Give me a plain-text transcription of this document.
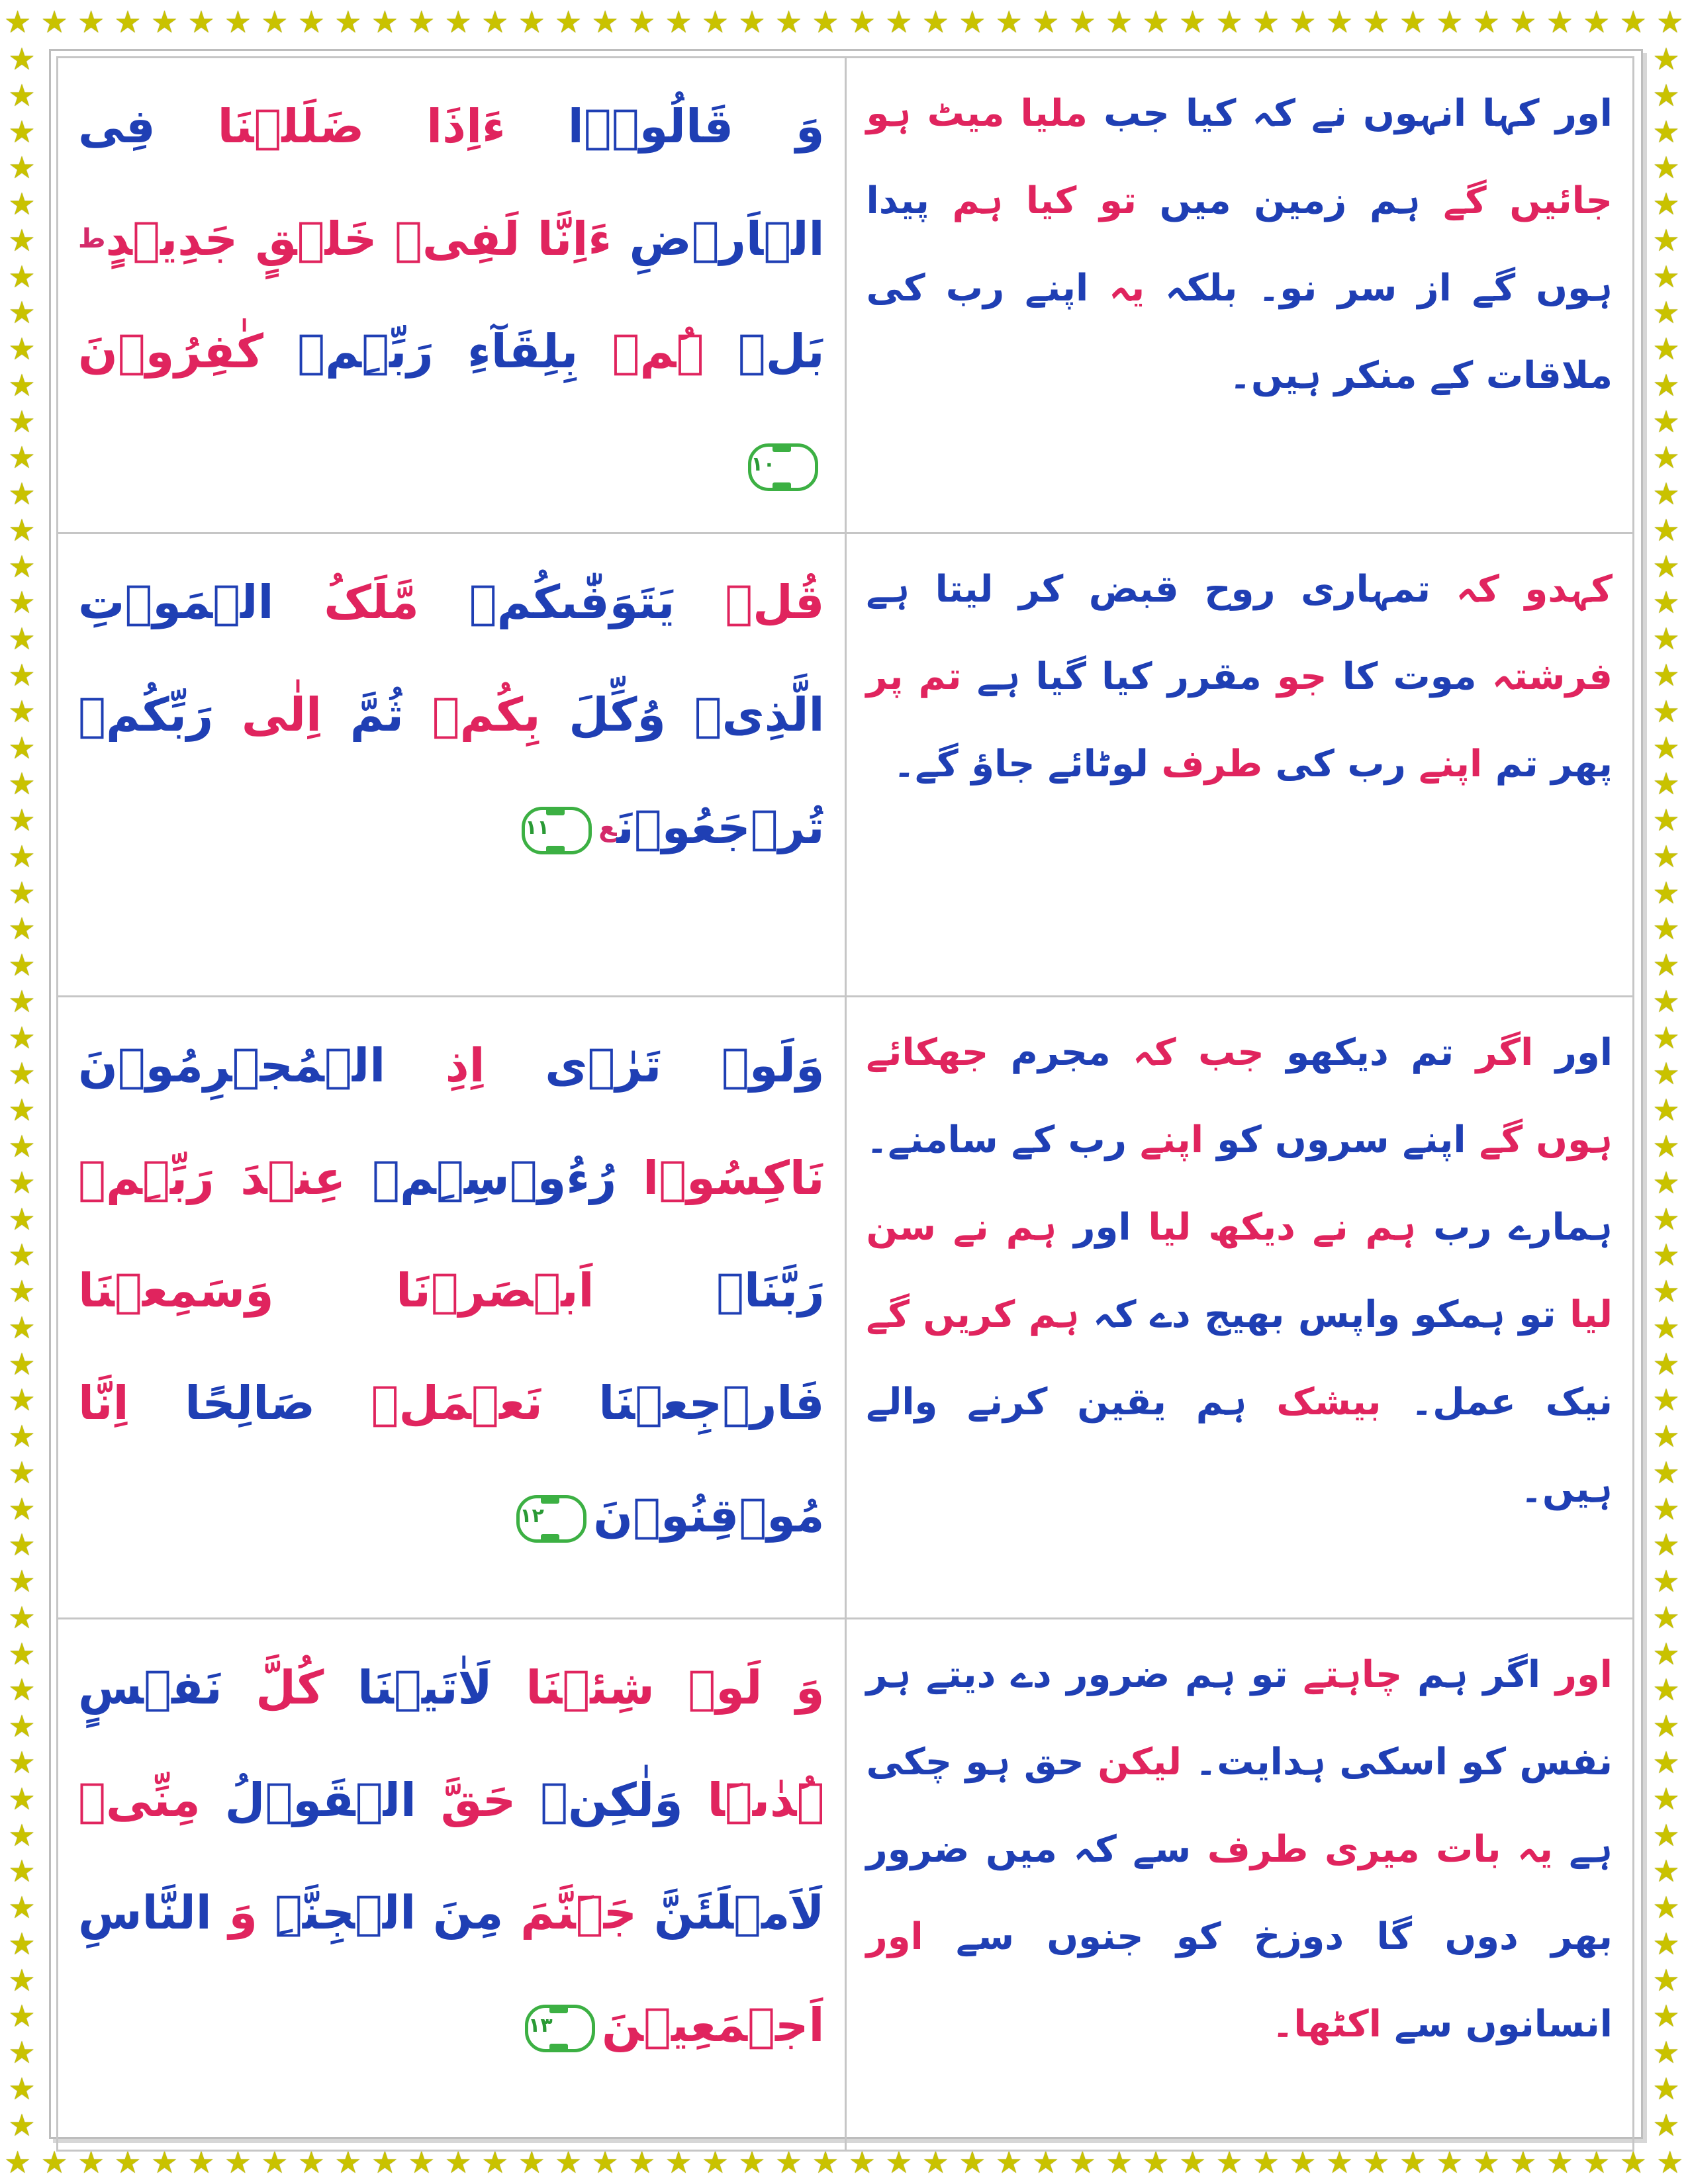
★ ★ ★ ★ ★ ★ ★ ★ ★ ★ ★ ★ ★ ★ ★ ★ ★ ★ ★ ★ ★ ★ ★ ★ ★ ★ ★ ★ ★ ★ ★ ★ ★ ★ ★ ★ ★ ★ ★ ★ ★ ★ ★ ★ ★ ★
★ ★ ★ ★ ★ ★ ★ ★ ★ ★ ★ ★ ★ ★ ★ ★ ★ ★ ★ ★ ★ ★ ★ ★ ★ ★ ★ ★ ★ ★ ★ ★ ★ ★ ★ ★ ★ ★ ★ ★ ★ ★ ★ ★ ★ ★
★
★
★
★
★
★
★
★
★
★
★
★
★
★
★
★
★
★
★
★
★
★
★
★
★
★
★
★
★
★
★
★
★
★
★
★
★
★
★
★
★
★
★
★
★
★
★
★
★
★
★
★
★
★
★
★
★
★
★
★
★
★
★
★
★
★
★
★
★
★
★
★
★
★
★
★
★
★
★
★
★
★
★
★
★
★
★
★
★
★
★
★
★
★
★
★
★
★
★
★
★
★
★
★
★
★
★
★
★
★
★
★
★
★
★
★
وَ قَالُوۡۤا ءَاِذَا ضَلَلۡنَا فِی الۡاَرۡضِ ءَاِنَّا لَفِیۡ خَلۡقٍ جَدِیۡدٍ$^ط$ بَلۡ ہُمۡ بِلِقَآءِ رَبِّہِمۡ کٰفِرُوۡنَ۱۰	اور کہا انہوں نے کہ کیا جب ملیا میٹ ہو جائیں گے ہم زمین میں تو کیا ہم پیدا ہوں گے از سر نو۔ بلکہ یہ اپنے رب کی ملاقات کے منکر ہیں۔
قُلۡ یَتَوَفّٰىکُمۡ مَّلَکُ الۡمَوۡتِ الَّذِیۡ وُکِّلَ بِکُمۡ ثُمَّ اِلٰی رَبِّکُمۡ تُرۡجَعُوۡنَ$^ع$۱۱	کہدو کہ تمہاری روح قبض کر لیتا ہے فرشتہ موت کا جو مقرر کیا گیا ہے تم پر پھر تم اپنے رب کی طرف لوٹائے جاؤ گے۔
وَلَوۡ تَرٰۤی اِذِ الۡمُجۡرِمُوۡنَ نَاکِسُوۡا رُءُوۡسِہِمۡ عِنۡدَ رَبِّہِمۡ رَبَّنَاۤ اَبۡصَرۡنَا وَسَمِعۡنَا فَارۡجِعۡنَا نَعۡمَلۡ صَالِحًا اِنَّا مُوۡقِنُوۡنَ۱۲	اور اگر تم دیکھو جب کہ مجرم جھکائے ہوں گے اپنے سروں کو اپنے رب کے سامنے۔ ہمارے رب ہم نے دیکھ لیا اور ہم نے سن لیا تو ہمکو واپس بھیج دے کہ ہم کریں گے نیک عمل۔ بیشک ہم یقین کرنے والے ہیں۔
وَ لَوۡ شِئۡنَا لَاٰتَیۡنَا کُلَّ نَفۡسٍ ہُدٰىہَا وَلٰکِنۡ حَقَّ الۡقَوۡلُ مِنِّیۡ لَاَمۡلَئَنَّ جَہَنَّمَ مِنَ الۡجِنَّۃِ وَ النَّاسِ اَجۡمَعِیۡنَ۱۳	اور اگر ہم چاہتے تو ہم ضرور دے دیتے ہر نفس کو اسکی ہدایت۔ لیکن حق ہو چکی ہے یہ بات میری طرف سے کہ میں ضرور بھر دوں گا دوزخ کو جنوں سے اور انسانوں سے اکٹھا۔
